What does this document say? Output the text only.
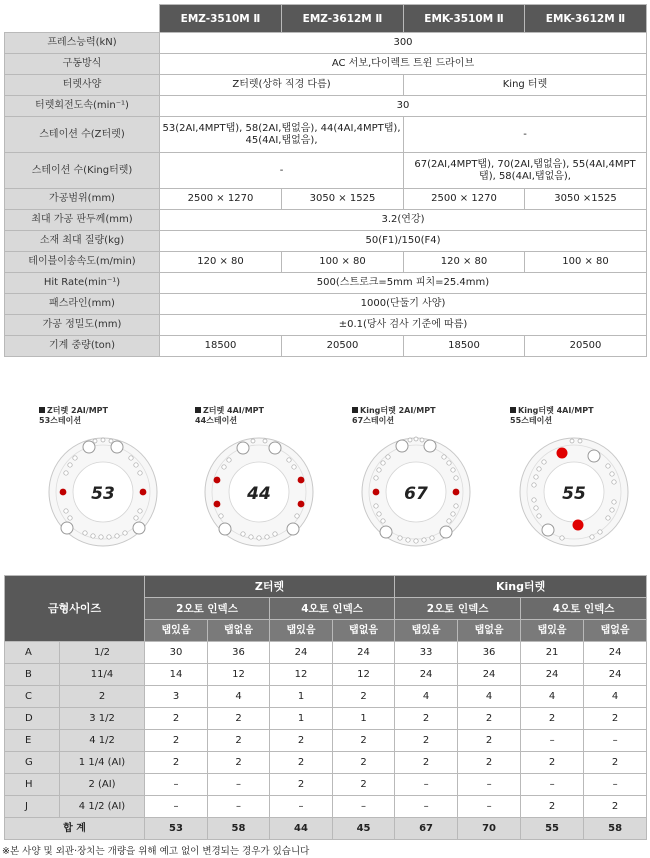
	EMZ-3510M Ⅱ	EMZ-3612M Ⅱ	EMK-3510M Ⅱ	EMK-3612M Ⅱ
프레스능력(kN)	300			
구동방식	AC 서보,다이렉트 트윈 드라이브			
터렛사양	Z터렛(상하 직경 다름)		King 터렛	
터렛회전도속(min⁻¹)	30			
스테이션 수(Z터렛)	53(2AI,4MPT탭), 58(2AI,탭없음), 44(4AI,4MPT탭), 45(4AI,탭없음),		-	
스테이션 수(King터렛)	-		67(2AI,4MPT탭), 70(2AI,탭없음), 55(4AI,4MPT탭), 58(4AI,탭없음),	
가공범위(mm)	2500 × 1270	3050 × 1525	2500 × 1270	3050 ×1525
최대 가공 판두께(mm)	3.2(연강)			
소재 최대 질량(kg)	50(F1)/150(F4)			
테이블이송속도(m/min)	120 × 80	100 × 80	120 × 80	100 × 80
Hit Rate(min⁻¹)	500(스트로크=5mm 피치=25.4mm)			
패스라인(mm)	1000(단둘기 사양)			
가공 정밀도(mm)	±0.1(당사 검사 기준에 따름)			
기계 중량(ton)	18500	20500	18500	20500
53
Z터렛 2AI/MPT
53스테이션
44
Z터렛 4AI/MPT
44스테이션
67
King터렛 2AI/MPT
67스테이션
55
King터렛 4AI/MPT
55스테이션
금형사이즈		Z터렛				King터렛			
		2오토 인덱스		4오토 인덱스		2오토 인덱스		4오토 인덱스	
		탭있음	탭없음	탭있음	탭없음	탭있음	탭없음	탭있음	탭없음
A	1/2	30	36	24	24	33	36	21	24
B	11/4	14	12	12	12	24	24	24	24
C	2	3	4	1	2	4	4	4	4
D	3 1/2	2	2	1	1	2	2	2	2
E	4 1/2	2	2	2	2	2	2	–	–
G	1 1/4 (AI)	2	2	2	2	2	2	2	2
H	2 (AI)	–	–	2	2	–	–	–	–
J	4 1/2 (AI)	–	–	–	–	–	–	2	2
합 계		53	58	44	45	67	70	55	58
※본 사양 및 외관·장치는 개량을 위해 예고 없이 변경되는 경우가 있습니다
